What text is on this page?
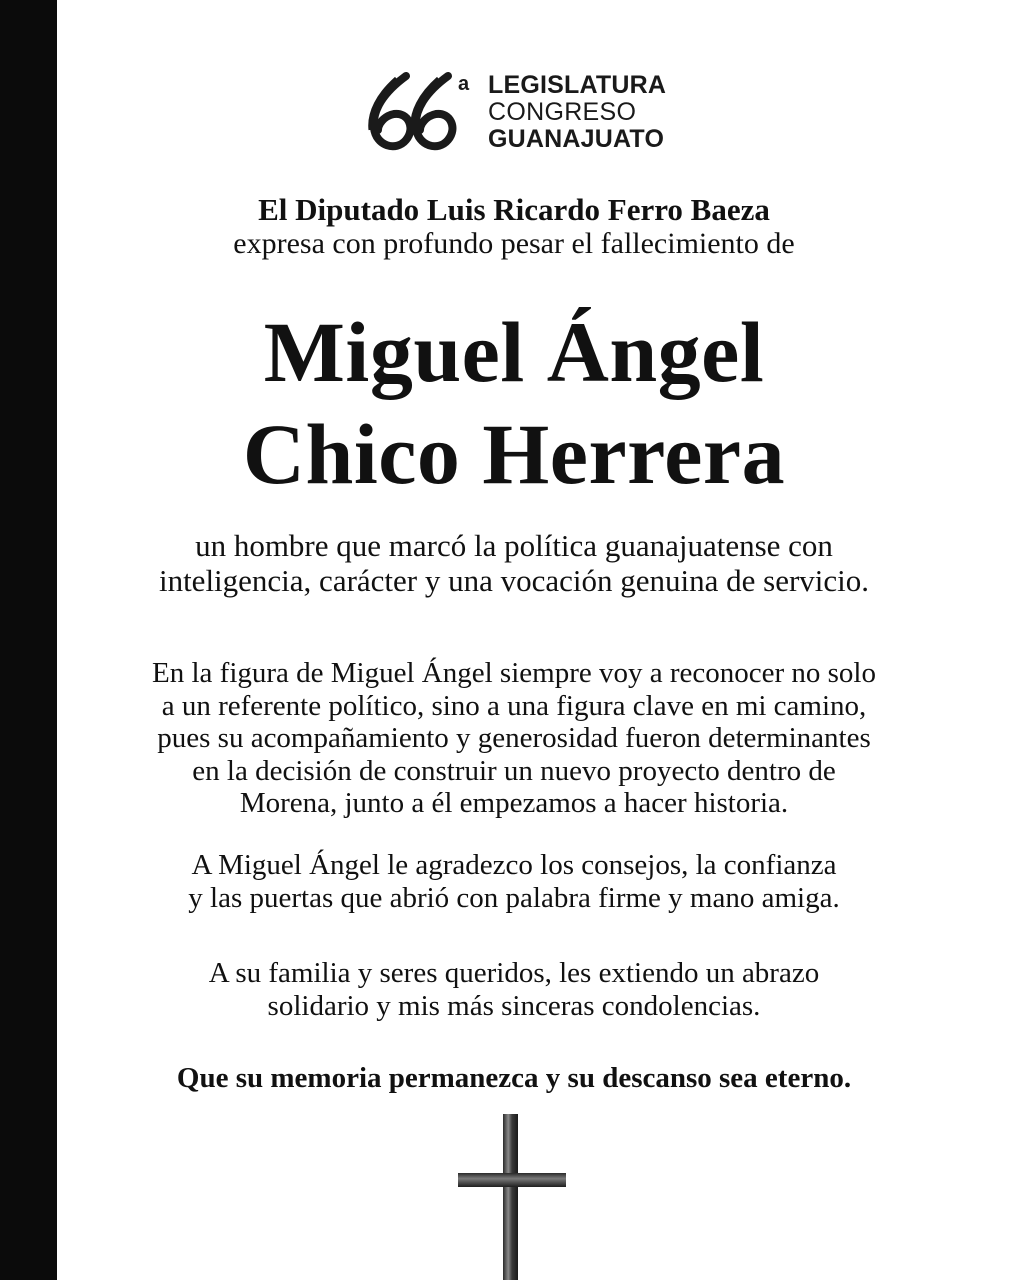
a
66
LEGISLATURA
CONGRESO
GUANAJUATO
El Diputado Luis Ricardo Ferro Baeza
expresa con profundo pesar el fallecimiento de
Miguel Ángel
Chico Herrera
un hombre que marcó la política guanajuatense con
inteligencia, carácter y una vocación genuina de servicio.
En la figura de Miguel Ángel siempre voy a reconocer no solo
a un referente político, sino a una figura clave en mi camino,
pues su acompañamiento y generosidad fueron determinantes
en la decisión de construir un nuevo proyecto dentro de
Morena, junto a él empezamos a hacer historia.
A Miguel Ángel le agradezco los consejos, la confianza
y las puertas que abrió con palabra firme y mano amiga.
A su familia y seres queridos, les extiendo un abrazo
solidario y mis más sinceras condolencias.
Que su memoria permanezca y su descanso sea eterno.
